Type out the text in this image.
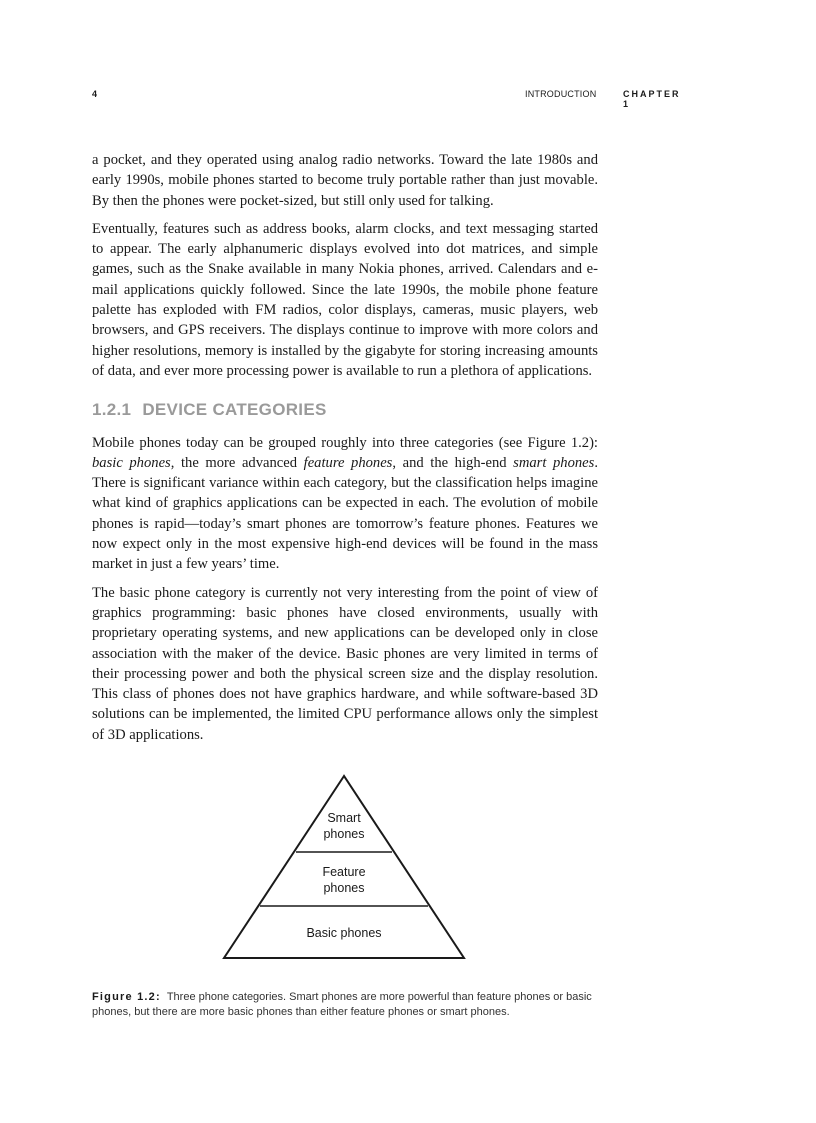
4	INTRODUCTION	CHAPTER 1

a pocket, and they operated using analog radio networks. Toward the late 1980s and early 1990s, mobile phones started to become truly portable rather than just movable. By then the phones were pocket-sized, but still only used for talking.

Eventually, features such as address books, alarm clocks, and text messaging started to appear. The early alphanumeric displays evolved into dot matrices, and simple games, such as the Snake available in many Nokia phones, arrived. Calendars and e-mail applications quickly followed. Since the late 1990s, the mobile phone feature palette has exploded with FM radios, color displays, cameras, music players, web browsers, and GPS receivers. The displays continue to improve with more colors and higher resolutions, memory is installed by the gigabyte for storing increasing amounts of data, and ever more processing power is available to run a plethora of applications.

1.2.1 DEVICE CATEGORIES

Mobile phones today can be grouped roughly into three categories (see Figure 1.2): basic phones, the more advanced feature phones, and the high-end smart phones. There is significant variance within each category, but the classification helps imagine what kind of graphics applications can be expected in each. The evolution of mobile phones is rapid—today’s smart phones are tomorrow’s feature phones. Features we now expect only in the most expensive high-end devices will be found in the mass market in just a few years’ time.

The basic phone category is currently not very interesting from the point of view of graphics programming: basic phones have closed environments, usually with proprietary operating systems, and new applications can be developed only in close association with the maker of the device. Basic phones are very limited in terms of their processing power and both the physical screen size and the display resolution. This class of phones does not have graphics hardware, and while software-based 3D solutions can be implemented, the limited CPU performance allows only the simplest of 3D applications.

Smart
phones
Feature
phones
Basic phones
Figure 1.2: Three phone categories. Smart phones are more powerful than feature phones or basic phones, but there are more basic phones than either feature phones or smart phones.
